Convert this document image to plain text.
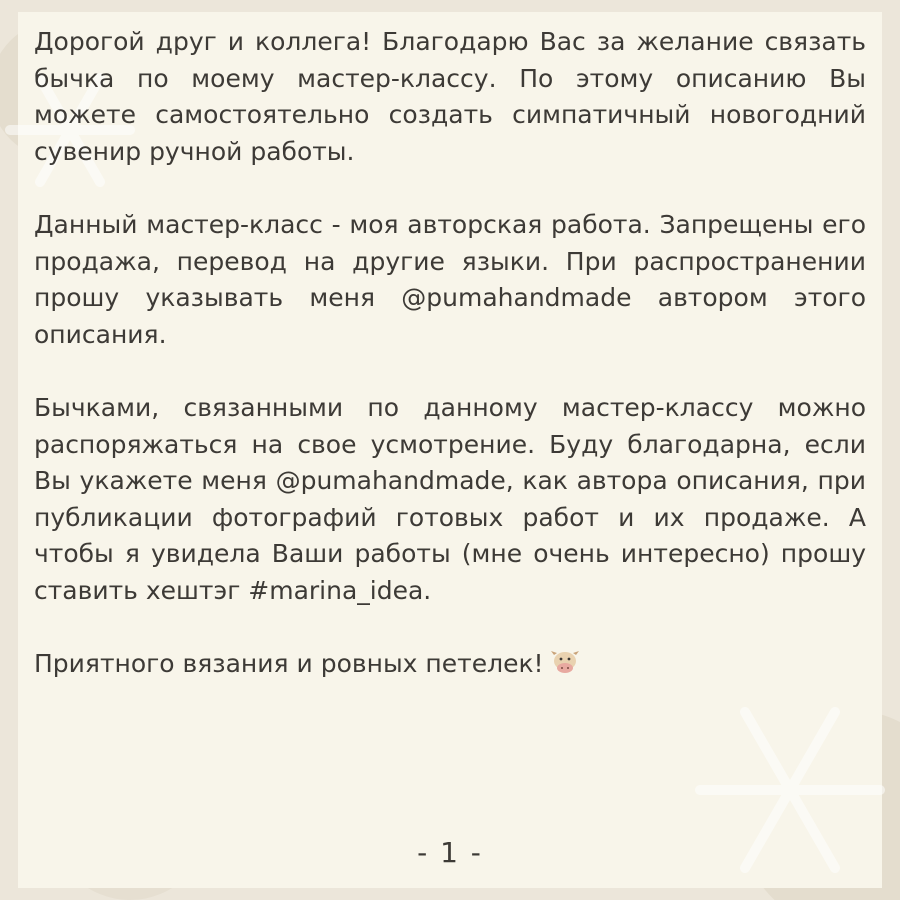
Дорогой друг и коллега! Благодарю Вас за желание связать бычка по моему мастер-классу. По этому описанию Вы можете самостоятельно создать симпатичный новогодний сувенир ручной работы.

Данный мастер-класс - моя авторская работа. Запрещены его продажа, перевод на другие языки. При распространении прошу указывать меня @pumahandmade автором этого описания.

Бычками, связанными по данному мастер-классу можно распоряжаться на свое усмотрение. Буду благодарна, если Вы укажете меня @pumahandmade, как автора описания, при публикации фотографий готовых работ и их продаже. А чтобы я увидела Ваши работы (мне очень интересно) прошу ставить хештэг #marina_idea.

Приятного вязания и ровных петелек!

- 1 -
